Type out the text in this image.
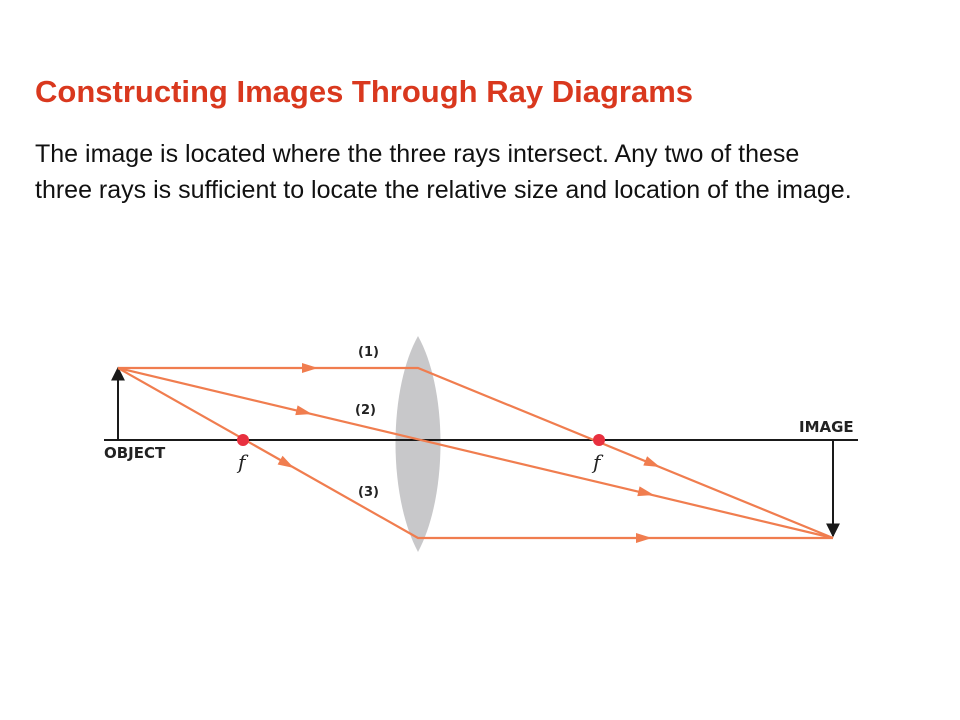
Constructing Images Through Ray Diagrams

The image is located where the three rays intersect. Any two of these three rays is sufficient to locate the relative size and location of the image.

OBJECT
IMAGE
f	f
(1)
(2)
(3)
